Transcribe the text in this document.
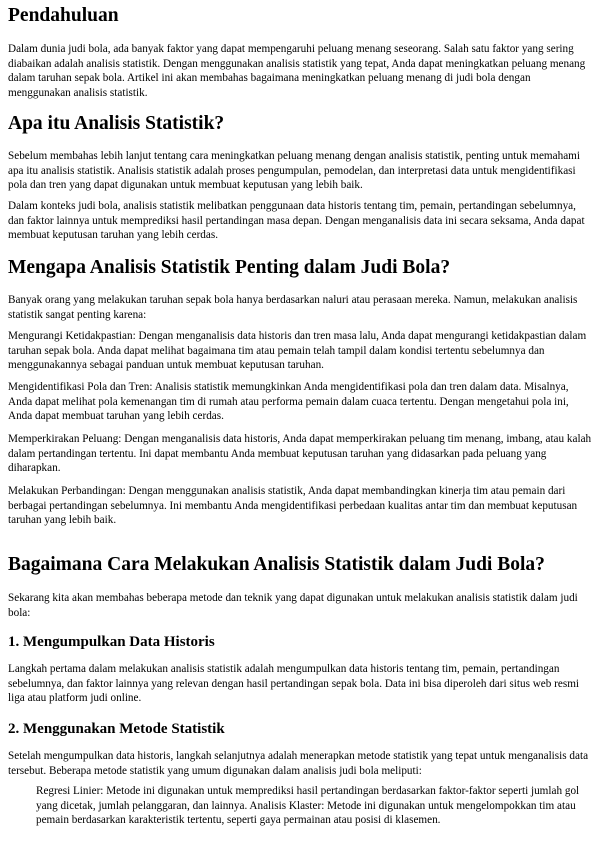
Pendahuluan

Dalam dunia judi bola, ada banyak faktor yang dapat mempengaruhi peluang menang seseorang. Salah satu faktor yang sering diabaikan adalah analisis statistik. Dengan menggunakan analisis statistik yang tepat, Anda dapat meningkatkan peluang menang dalam taruhan sepak bola. Artikel ini akan membahas bagaimana meningkatkan peluang menang di judi bola dengan menggunakan analisis statistik.

Apa itu Analisis Statistik?

Sebelum membahas lebih lanjut tentang cara meningkatkan peluang menang dengan analisis statistik, penting untuk memahami apa itu analisis statistik. Analisis statistik adalah proses pengumpulan, pemodelan, dan interpretasi data untuk mengidentifikasi pola dan tren yang dapat digunakan untuk membuat keputusan yang lebih baik.

Dalam konteks judi bola, analisis statistik melibatkan penggunaan data historis tentang tim, pemain, pertandingan sebelumnya, dan faktor lainnya untuk memprediksi hasil pertandingan masa depan. Dengan menganalisis data ini secara seksama, Anda dapat membuat keputusan taruhan yang lebih cerdas.

Mengapa Analisis Statistik Penting dalam Judi Bola?

Banyak orang yang melakukan taruhan sepak bola hanya berdasarkan naluri atau perasaan mereka. Namun, melakukan analisis statistik sangat penting karena:

Mengurangi Ketidakpastian: Dengan menganalisis data historis dan tren masa lalu, Anda dapat mengurangi ketidakpastian dalam taruhan sepak bola. Anda dapat melihat bagaimana tim atau pemain telah tampil dalam kondisi tertentu sebelumnya dan menggunakannya sebagai panduan untuk membuat keputusan taruhan.

Mengidentifikasi Pola dan Tren: Analisis statistik memungkinkan Anda mengidentifikasi pola dan tren dalam data. Misalnya, Anda dapat melihat pola kemenangan tim di rumah atau performa pemain dalam cuaca tertentu. Dengan mengetahui pola ini, Anda dapat membuat taruhan yang lebih cerdas.

Memperkirakan Peluang: Dengan menganalisis data historis, Anda dapat memperkirakan peluang tim menang, imbang, atau kalah dalam pertandingan tertentu. Ini dapat membantu Anda membuat keputusan taruhan yang didasarkan pada peluang yang diharapkan.

Melakukan Perbandingan: Dengan menggunakan analisis statistik, Anda dapat membandingkan kinerja tim atau pemain dari berbagai pertandingan sebelumnya. Ini membantu Anda mengidentifikasi perbedaan kualitas antar tim dan membuat keputusan taruhan yang lebih baik.

Bagaimana Cara Melakukan Analisis Statistik dalam Judi Bola?

Sekarang kita akan membahas beberapa metode dan teknik yang dapat digunakan untuk melakukan analisis statistik dalam judi bola:

1. Mengumpulkan Data Historis

Langkah pertama dalam melakukan analisis statistik adalah mengumpulkan data historis tentang tim, pemain, pertandingan sebelumnya, dan faktor lainnya yang relevan dengan hasil pertandingan sepak bola. Data ini bisa diperoleh dari situs web resmi liga atau platform judi online.

2. Menggunakan Metode Statistik

Setelah mengumpulkan data historis, langkah selanjutnya adalah menerapkan metode statistik yang tepat untuk menganalisis data tersebut. Beberapa metode statistik yang umum digunakan dalam analisis judi bola meliputi:

Regresi Linier: Metode ini digunakan untuk memprediksi hasil pertandingan berdasarkan faktor-faktor seperti jumlah gol yang dicetak, jumlah pelanggaran, dan lainnya. Analisis Klaster: Metode ini digunakan untuk mengelompokkan tim atau pemain berdasarkan karakteristik tertentu, seperti gaya permainan atau posisi di klasemen.
